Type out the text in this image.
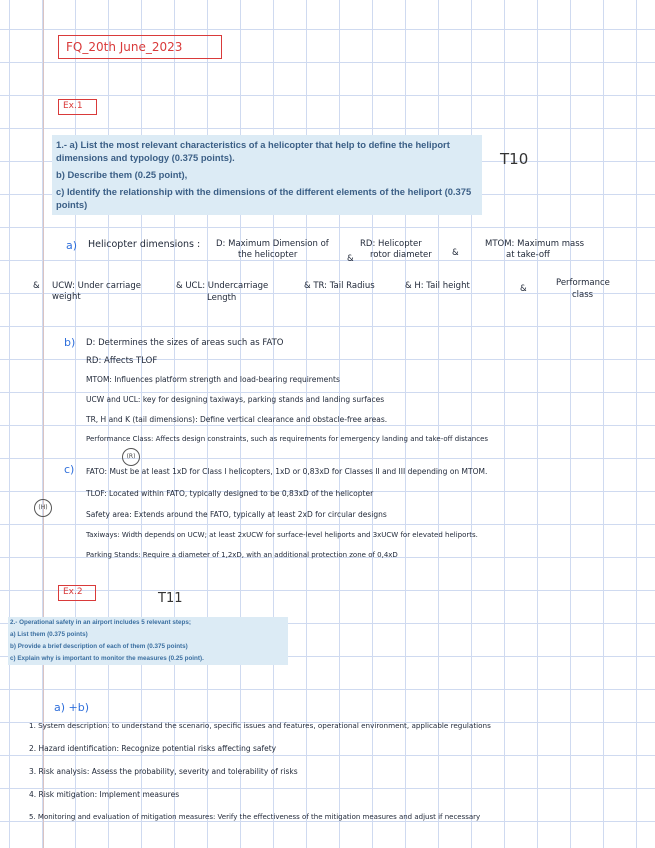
FQ_20th June_2023
Ex.1

1.- a) List the most relevant characteristics of a helicopter that help to define the heliport dimensions and typology (0.375 points).

b) Describe them (0.25 point),

c) Identify the relationship with the dimensions of the different elements of the heliport (0.375 points)

T10
a) Helicopter dimensions : D: Maximum Dimension of
the helicopter	&
RD: Helicopter
rotor diameter &
MTOM: Maximum mass
at take-off
& UCW: Under carriage
weight
& UCL: Undercarriage
Length
& TR: Tail Radius	& H: Tail height	&
Performance
class
b) D: Determines the sizes of areas such as FATO
RD: Affects TLOF
MTOM: Influences platform strength and load-bearing requirements
UCW and UCL: key for designing taxiways, parking stands and landing surfaces
TR, H and K (tail dimensions): Define vertical clearance and obstacle-free areas.
Performance Class: Affects design constraints, such as requirements for emergency landing and take-off distances
(R)
c) FATO: Must be at least 1xD for Class I helicopters, 1xD or 0,83xD for Classes II and III depending on MTOM.
(H)
TLOF: Located within FATO, typically designed to be 0,83xD of the helicopter
Safety area: Extends around the FATO, typically at least 2xD for circular designs
Taxiways: Width depends on UCW; at least 2xUCW for surface-level heliports and 3xUCW for elevated heliports.
Parking Stands: Require a diameter of 1,2xD, with an additional protection zone of 0,4xD
Ex.2	T11

2.- Operational safety in an airport includes 5 relevant steps;

a) List them (0.375 points)

b) Provide a brief description of each of them (0.375 points)

c) Explain why is important to monitor the measures (0.25 point).

a) +b)
1. System description: to understand the scenario, specific issues and features, operational environment, applicable regulations
2. Hazard identification: Recognize potential risks affecting safety
3. Risk analysis: Assess the probability, severity and tolerability of risks
4. Risk mitigation: Implement measures
5. Monitoring and evaluation of mitigation measures: Verify the effectiveness of the mitigation measures and adjust if necessary
